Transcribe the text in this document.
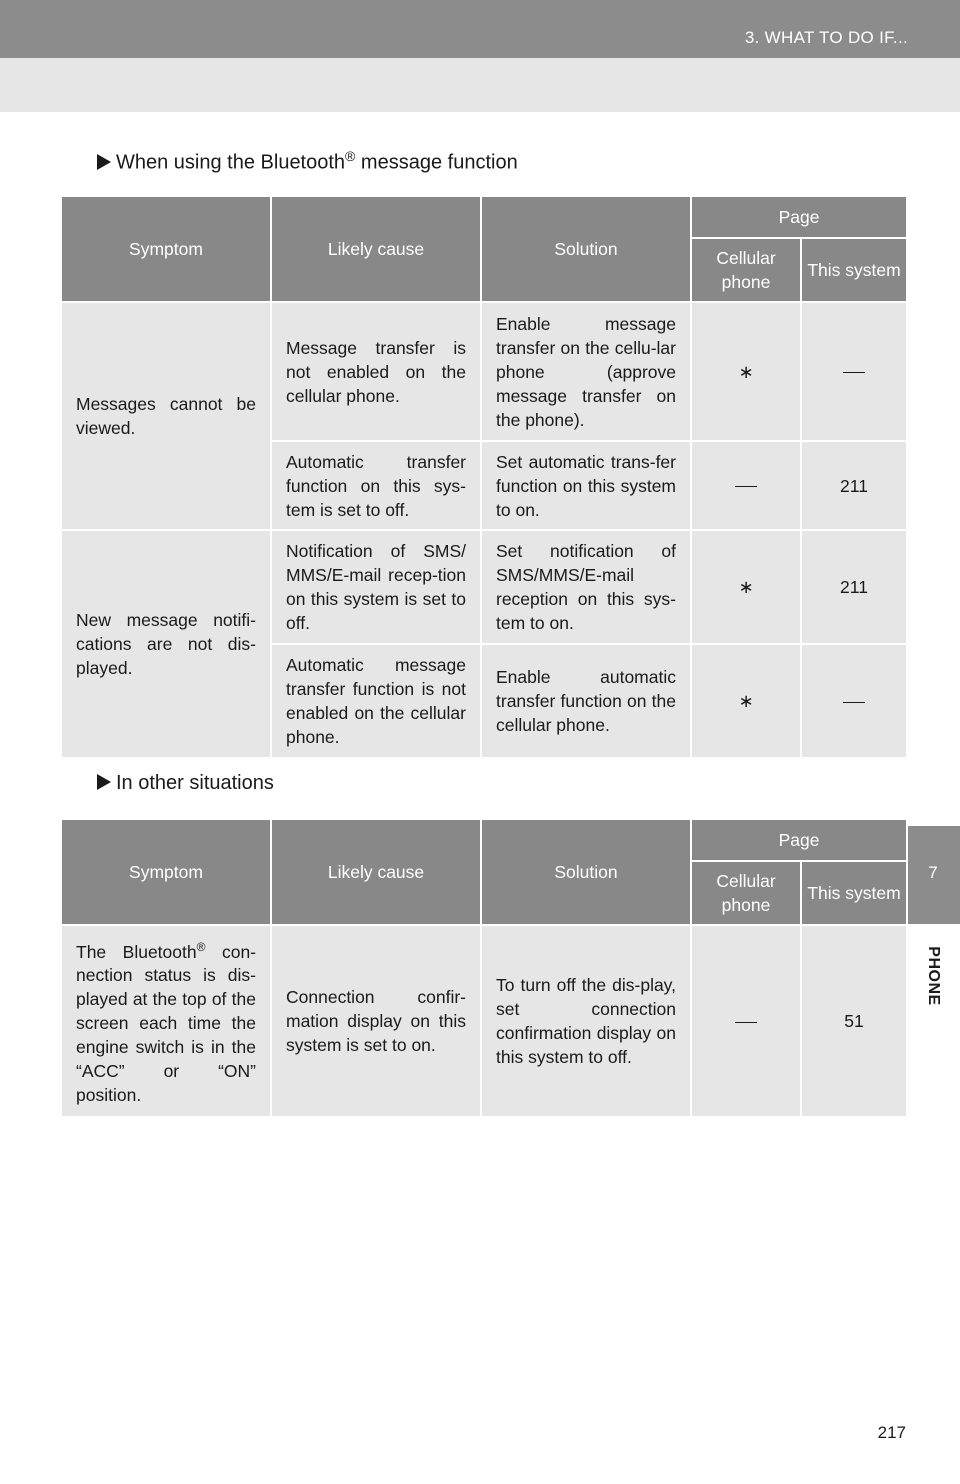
3. WHAT TO DO IF...
7
PHONE
When using the Bluetooth® message function
Symptom	Likely cause	Solution	Page	
			Cellular phone	This system
Messages cannot be viewed.	Message transfer is not enabled on the cellular phone.	Enable message transfer on the cellu-lar phone (approve message transfer on the phone).	∗	
	Automatic transfer function on this sys-tem is set to off.	Set automatic trans-fer function on this system to on.		211
New message notifi-cations are not dis-played.	Notification of SMS/ MMS/E-mail recep-tion on this system is set to off.	Set notification of SMS/MMS/E-mail reception on this sys-tem to on.	∗	211
	Automatic message transfer function is not enabled on the cellular phone.	Enable automatic transfer function on the cellular phone.	∗	
In other situations
Symptom	Likely cause	Solution	Page	
			Cellular phone	This system
The Bluetooth® con-nection status is dis-played at the top of the screen each time the engine switch is in the “ACC” or “ON” position.	Connection confir-mation display on this system is set to on.	To turn off the dis-play, set connection confirmation display on this system to off.		51
217
